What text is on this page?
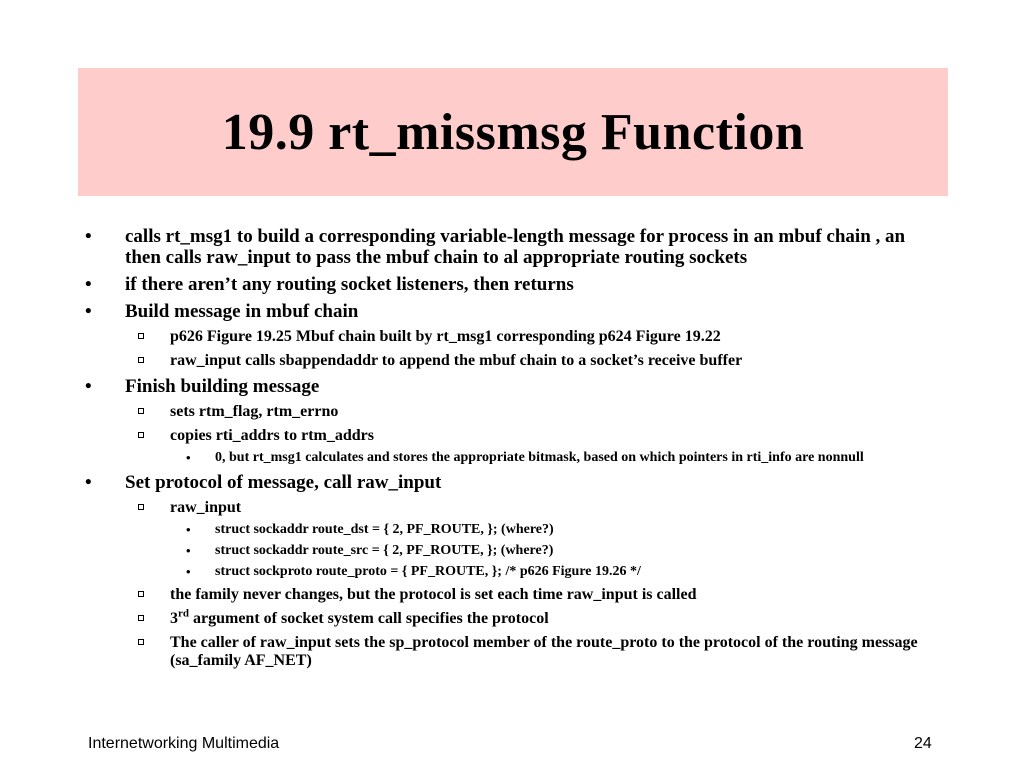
19.9 rt_missmsg Function
• calls rt_msg1 to build a corresponding variable-length message for process in an mbuf chain , an then calls raw_input to pass the mbuf chain to al appropriate routing sockets
• if there aren’t any routing socket listeners, then returns
• Build message in mbuf chain
p626 Figure 19.25 Mbuf chain built by rt_msg1 corresponding p624 Figure 19.22
raw_input calls sbappendaddr to append the mbuf chain to a socket’s receive buffer
• Finish building message
sets rtm_flag, rtm_errno
copies rti_addrs to rtm_addrs
• 0, but rt_msg1 calculates and stores the appropriate bitmask, based on which pointers in rti_info are nonnull
• Set protocol of message, call raw_input
raw_input
• struct sockaddr route_dst = { 2, PF_ROUTE, }; (where?)
• struct sockaddr route_src = { 2, PF_ROUTE, }; (where?)
• struct sockproto route_proto = { PF_ROUTE, }; /* p626 Figure 19.26 */
the family never changes, but the protocol is set each time raw_input is called
3rd argument of socket system call specifies the protocol
The caller of raw_input sets the sp_protocol member of the route_proto to the protocol of the routing message (sa_family AF_NET)
Internetworking Multimedia	24
